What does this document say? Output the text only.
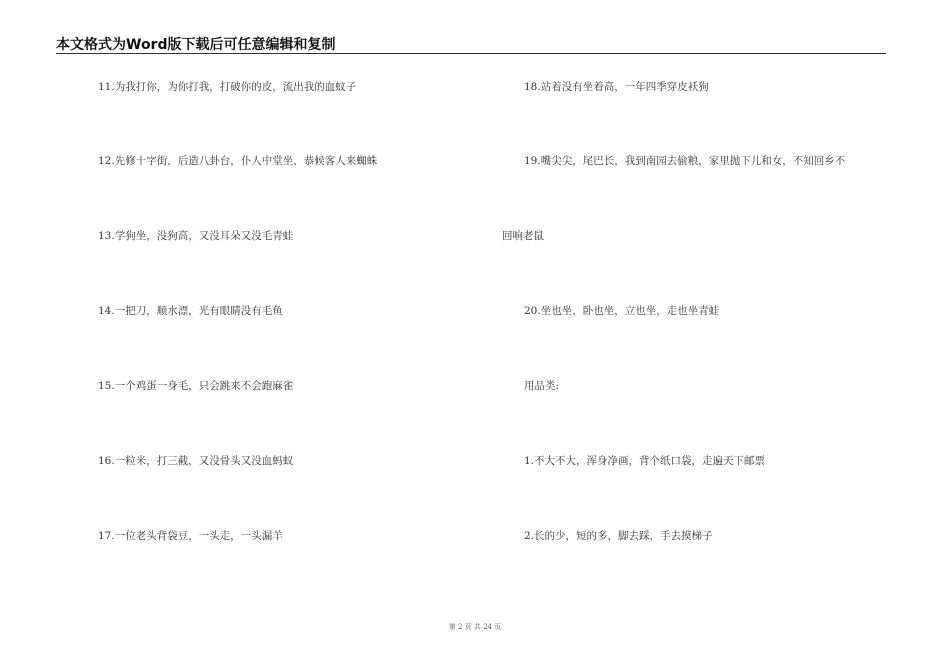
本文格式为Word版下载后可任意编辑和复制
11.为我打你，为你打我，打破你的皮，流出我的血蚊子
12.先修十字街，后造八卦台，仆人中堂坐，恭候客人来蜘蛛
13.学狗坐，没狗高，又没耳朵又没毛青蛙
14.一把刀，顺水漂，光有眼睛没有毛鱼
15.一个鸡蛋一身毛，只会跳来不会跑麻雀
16.一粒米，打三截，又没骨头又没血蚂蚁
17.一位老头背袋豆，一头走，一头漏羊
18.站着没有坐着高，一年四季穿皮袄狗
19.嘴尖尖，尾巴长，我到南园去偷粮，家里抛下儿和女，不知回乡不
回响老鼠
20.坐也坐，卧也坐，立也坐，走也坐青蛙
用品类:
1.不大不大，浑身净画，背个纸口袋，走遍天下邮票
2.长的少，短的多，脚去踩，手去摸梯子
第 2 页 共 24 页
